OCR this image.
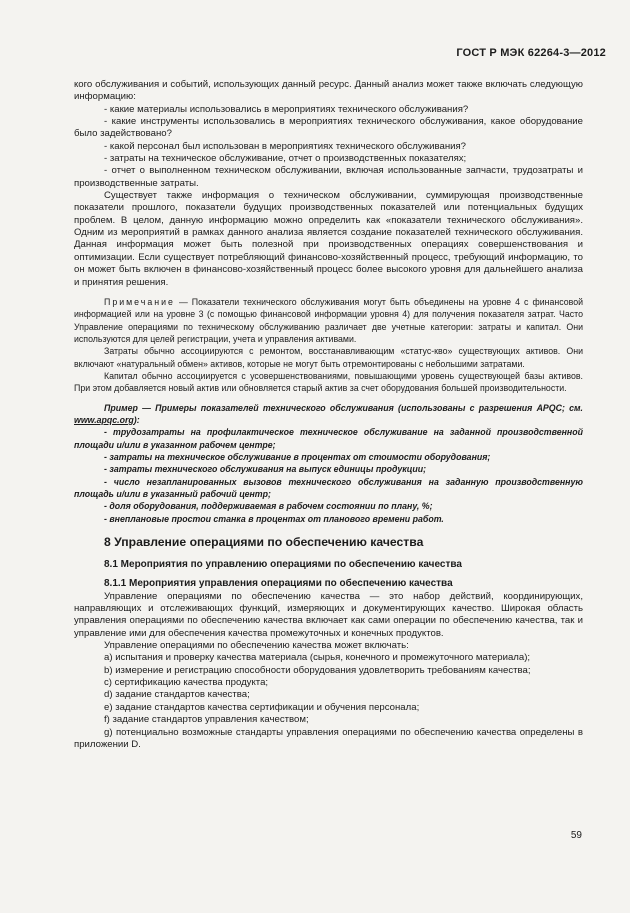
ГОСТ Р МЭК 62264-3—2012

кого обслуживания и событий, использующих данный ресурс. Данный анализ может также включать следующую информацию:

- какие материалы использовались в мероприятиях технического обслуживания?

- какие инструменты использовались в мероприятиях технического обслуживания, какое оборудование было задействовано?

- какой персонал был использован в мероприятиях технического обслуживания?

- затраты на техническое обслуживание, отчет о производственных показателях;

- отчет о выполненном техническом обслуживании, включая использованные запчасти, трудозатраты и производственные затраты.

Существует также информация о техническом обслуживании, суммирующая производственные показатели прошлого, показатели будущих производственных показателей или потенциальных будущих проблем. В целом, данную информацию можно определить как «показатели технического обслуживания». Одним из мероприятий в рамках данного анализа является создание показателей технического обслуживания. Данная информация может быть полезной при производственных операциях совершенствования и оптимизации. Если существует потребляющий финансово-хозяйственный процесс, требующий информацию, то он может быть включен в финансово-хозяйственный процесс более высокого уровня для дальнейшего анализа и принятия решения.

Примечание — Показатели технического обслуживания могут быть объединены на уровне 4 с финансовой информацией или на уровне 3 (с помощью финансовой информации уровня 4) для получения показателя затрат. Часто Управление операциями по техническому обслуживанию различает две учетные категории: затраты и капитал. Они используются для целей регистрации, учета и управления активами.

Затраты обычно ассоциируются с ремонтом, восстанавливающим «статус-кво» существующих активов. Они включают «натуральный обмен» активов, которые не могут быть отремонтированы с небольшими затратами.

Капитал обычно ассоциируется с усовершенствованиями, повышающими уровень существующей базы активов. При этом добавляется новый актив или обновляется старый актив за счет оборудования большей производительности.

Пример — Примеры показателей технического обслуживания (использованы с разрешения APQC; см. www.apqc.org):

- трудозатраты на профилактическое техническое обслуживание на заданной производственной площади и/или в указанном рабочем центре;

- затраты на техническое обслуживание в процентах от стоимости оборудования;

- затраты технического обслуживания на выпуск единицы продукции;

- число незапланированных вызовов технического обслуживания на заданную производственную площадь и/или в указанный рабочий центр;

- доля оборудования, поддерживаемая в рабочем состоянии по плану, %;

- внеплановые простои станка в процентах от планового времени работ.

8 Управление операциями по обеспечению качества
8.1 Мероприятия по управлению операциями по обеспечению качества
8.1.1 Мероприятия управления операциями по обеспечению качества

Управление операциями по обеспечению качества — это набор действий, координирующих, направляющих и отслеживающих функций, измеряющих и документирующих качество. Широкая область управления операциями по обеспечению качества включает как сами операции по обеспечению качества, так и управление ими для обеспечения качества промежуточных и конечных продуктов.

Управление операциями по обеспечению качества может включать:

a) испытания и проверку качества материала (сырья, конечного и промежуточного материала);

b) измерение и регистрацию способности оборудования удовлетворить требованиям качества;

c) сертификацию качества продукта;

d) задание стандартов качества;

e) задание стандартов качества сертификации и обучения персонала;

f) задание стандартов управления качеством;

g) потенциально возможные стандарты управления операциями по обеспечению качества определены в приложении D.

59
